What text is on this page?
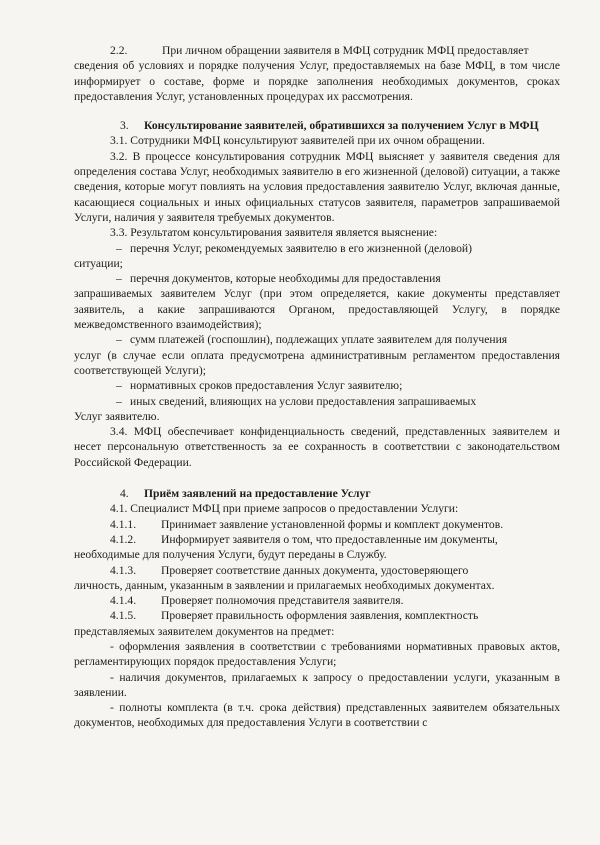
2.2.	При личном обращении заявителя в МФЦ сотрудник МФЦ предоставляет

сведения об условиях и порядке получения Услуг, предоставляемых на базе МФЦ, в том числе информирует о составе, форме и порядке заполнения необходимых документов, сроках предоставления Услуг, установленных процедурах их рассмотрения.

3.	Консультирование заявителей, обратившихся за получением Услуг в МФЦ

3.1. Сотрудники МФЦ консультируют заявителей при их очном обращении.

3.2. В процессе консультирования сотрудник МФЦ выясняет у заявителя сведения для определения состава Услуг, необходимых заявителю в его жизненной (деловой) ситуации, а также сведения, которые могут повлиять на условия предоставления заявителю Услуг, включая данные, касающиеся социальных и иных официальных статусов заявителя, параметров запрашиваемой Услуги, наличия у заявителя требуемых документов.

3.3. Результатом консультирования заявителя является выяснение:

– перечня Услуг, рекомендуемых заявителю в его жизненной (деловой)

ситуации;

– перечня документов, которые необходимы для предоставления

запрашиваемых заявителем Услуг (при этом определяется, какие документы представляет заявитель, а какие запрашиваются Органом, предоставляющей Услугу, в порядке межведомственного взаимодействия);

– сумм платежей (госпошлин), подлежащих уплате заявителем для получения

услуг (в случае если оплата предусмотрена административным регламентом предоставления соответствующей Услуги);

– нормативных сроков предоставления Услуг заявителю;
– иных сведений, влияющих на услови предоставления запрашиваемых

Услуг заявителю.

3.4. МФЦ обеспечивает конфиденциальность сведений, представленных заявителем и несет персональную ответственность за ее сохранность в соответствии с законодательством Российской Федерации.

4.	Приём заявлений на предоставление Услуг

4.1. Специалист МФЦ при приеме запросов о предоставлении Услуги:

4.1.1.	Принимает заявление установленной формы и комплект документов.
4.1.2.	Информирует заявителя о том, что предоставленные им документы,

необходимые для получения Услуги, будут переданы в Службу.

4.1.3.	Проверяет соответствие данных документа, удостоверяющего

личность, данным, указанным в заявлении и прилагаемых необходимых документах.

4.1.4.	Проверяет полномочия представителя заявителя.
4.1.5.	Проверяет правильность оформления заявления, комплектность

представляемых заявителем документов на предмет:

- оформления заявления в соответствии с требованиями нормативных правовых актов, регламентирующих порядок предоставления Услуги;

- наличия документов, прилагаемых к запросу о предоставлении услуги, указанным в заявлении.

- полноты комплекта (в т.ч. срока действия) представленных заявителем обязательных документов, необходимых для предоставления Услуги в соответствии с
